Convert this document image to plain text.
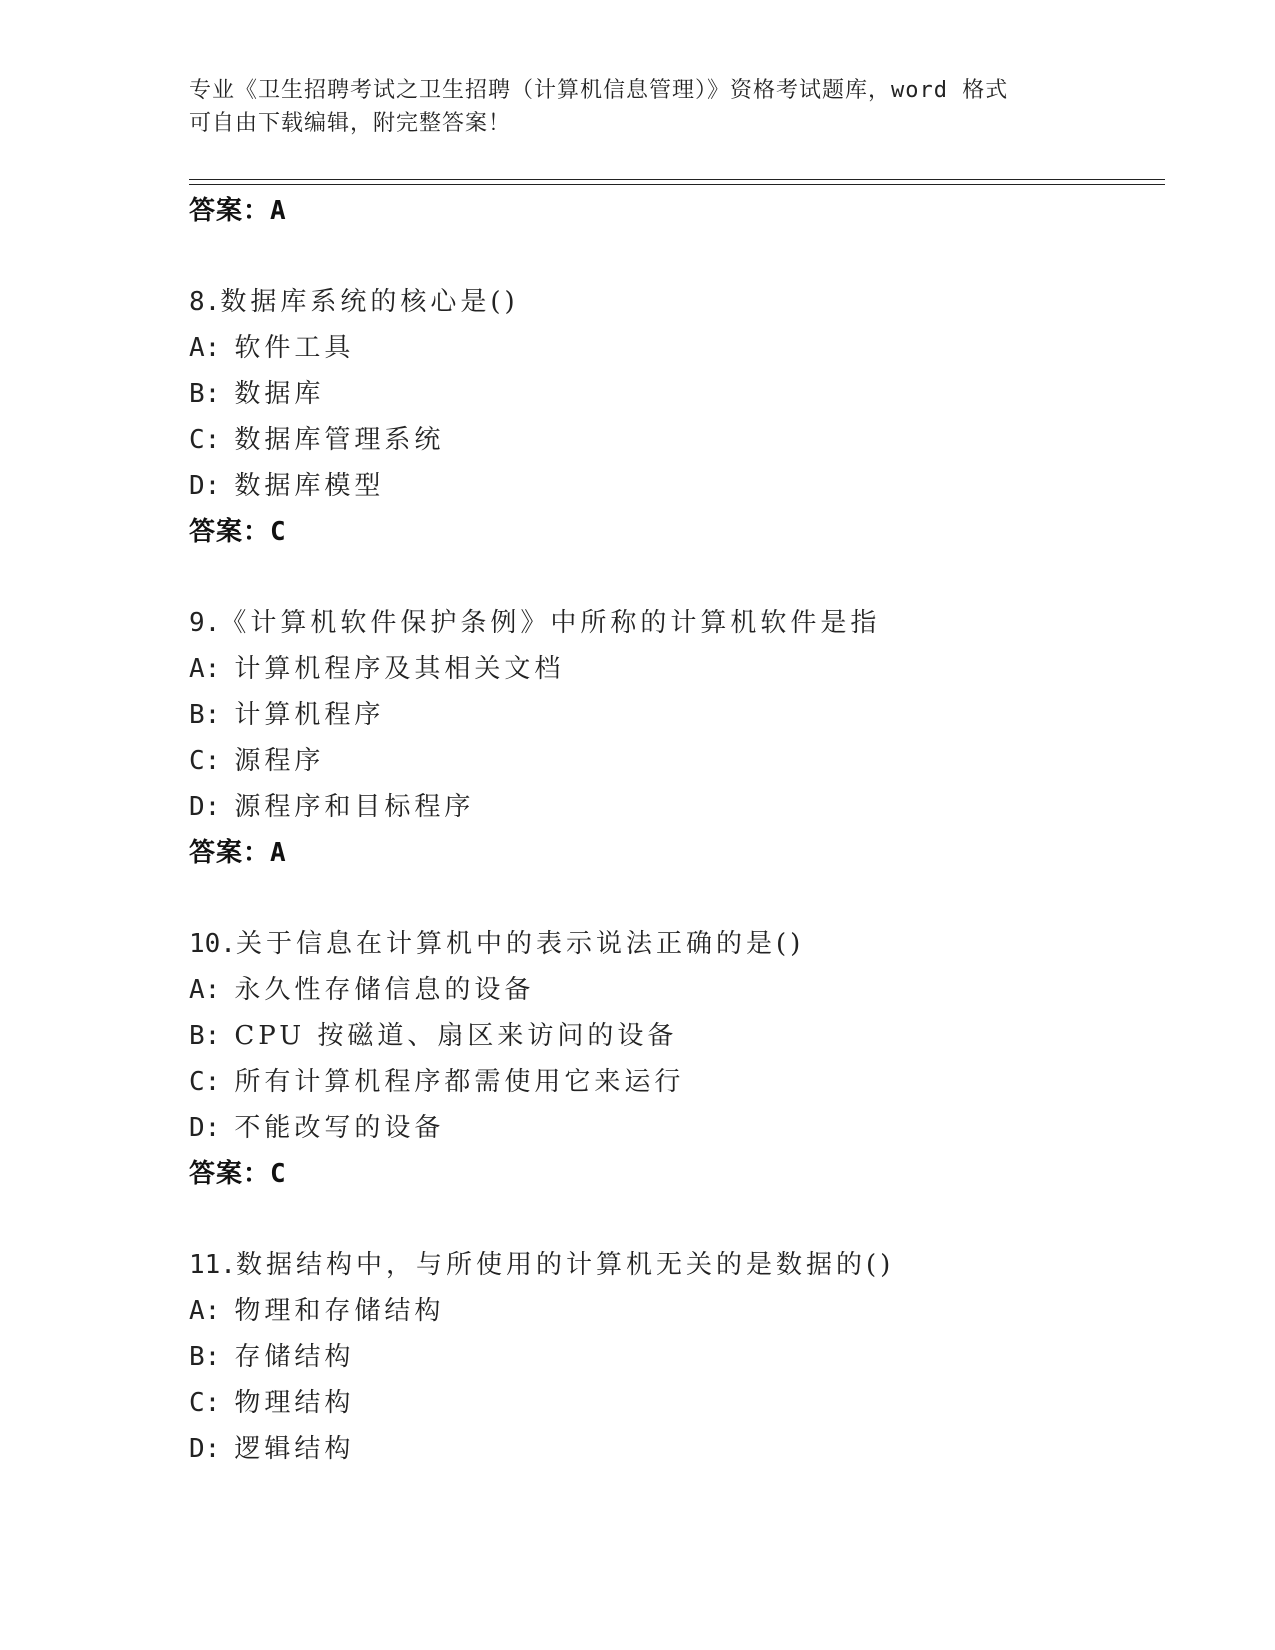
专业《卫生招聘考试之卫生招聘（计算机信息管理）》资格考试题库，word 格式
可自由下载编辑，附完整答案！
答案：A
8.数据库系统的核心是()
A: 软件工具
B: 数据库
C: 数据库管理系统
D: 数据库模型
答案：C
9.《计算机软件保护条例》中所称的计算机软件是指
A: 计算机程序及其相关文档
B: 计算机程序
C: 源程序
D: 源程序和目标程序
答案：A
10.关于信息在计算机中的表示说法正确的是()
A: 永久性存储信息的设备
B: CPU 按磁道、扇区来访问的设备
C: 所有计算机程序都需使用它来运行
D: 不能改写的设备
答案：C
11.数据结构中，与所使用的计算机无关的是数据的()
A: 物理和存储结构
B: 存储结构
C: 物理结构
D: 逻辑结构
